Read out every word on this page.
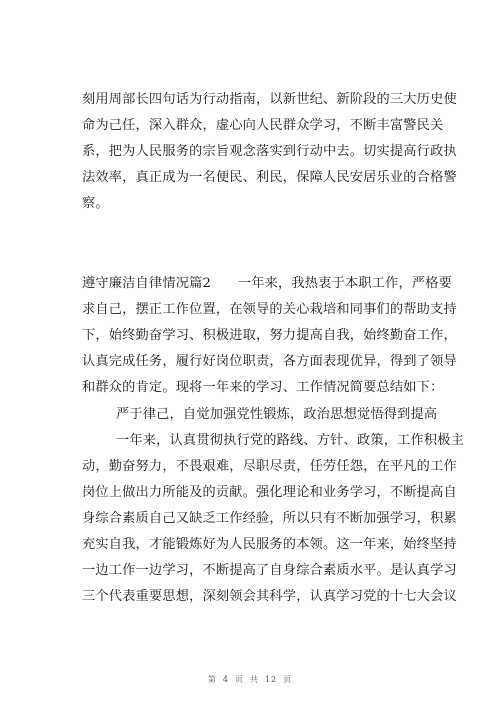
刻用周部长四句话为行动指南，以新世纪、新阶段的三大历史使
命为己任，深入群众，虚心向人民群众学习，不断丰富警民关
系，把为人民服务的宗旨观念落实到行动中去。切实提高行政执
法效率，真正成为一名便民、利民，保障人民安居乐业的合格警
察。
遵守廉洁自律情况篇2　　一年来，我热衷于本职工作，严格要
求自己，摆正工作位置，在领导的关心栽培和同事们的帮助支持
下，始终勤奋学习、积极进取，努力提高自我，始终勤奋工作，
认真完成任务，履行好岗位职责，各方面表现优异，得到了领导
和群众的肯定。现将一年来的学习、工作情况简要总结如下：
严于律己，自觉加强党性锻炼，政治思想觉悟得到提高
一年来，认真贯彻执行党的路线、方针、政策，工作积极主
动，勤奋努力，不畏艰难，尽职尽责，任劳任怨，在平凡的工作
岗位上做出力所能及的贡献。强化理论和业务学习，不断提高自
身综合素质自己又缺乏工作经验，所以只有不断加强学习，积累
充实自我，才能锻炼好为人民服务的本领。这一年来，始终坚持
一边工作一边学习，不断提高了自身综合素质水平。是认真学习
三个代表重要思想，深刻领会其科学，认真学习党的十七大会议
第 4 页 共 12 页
